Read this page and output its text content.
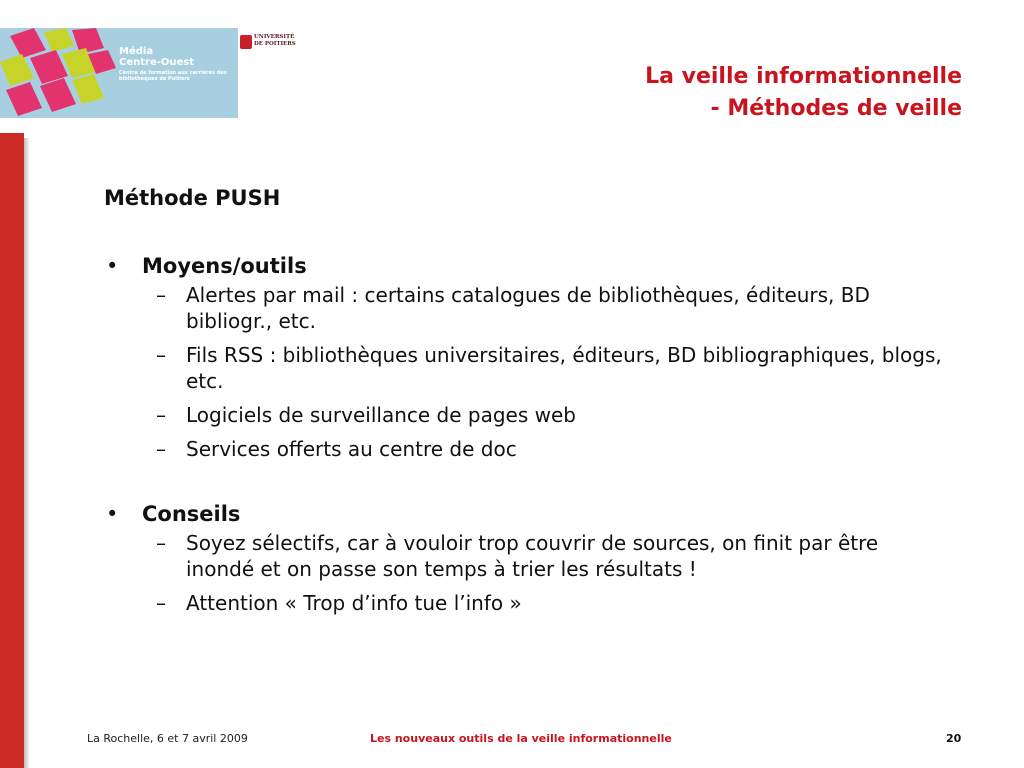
Média
Centre-Ouest
Centre de formation aux carrières des bibliothèques de Poitiers
UNIVERSITÉ
DE POITIERS
La veille informationnelle
- Méthodes de veille
Méthode PUSH
• Moyens/outils
– Alertes par mail : certains catalogues de bibliothèques, éditeurs, BD bibliogr., etc.
– Fils RSS : bibliothèques universitaires, éditeurs, BD bibliographiques, blogs, etc.
– Logiciels de surveillance de pages web
– Services offerts au centre de doc
• Conseils
– Soyez sélectifs, car à vouloir trop couvrir de sources, on finit par être inondé et on passe son temps à trier les résultats !
– Attention « Trop d’info tue l’info »
La Rochelle, 6 et 7 avril 2009	Les nouveaux outils de la veille informationnelle	20
